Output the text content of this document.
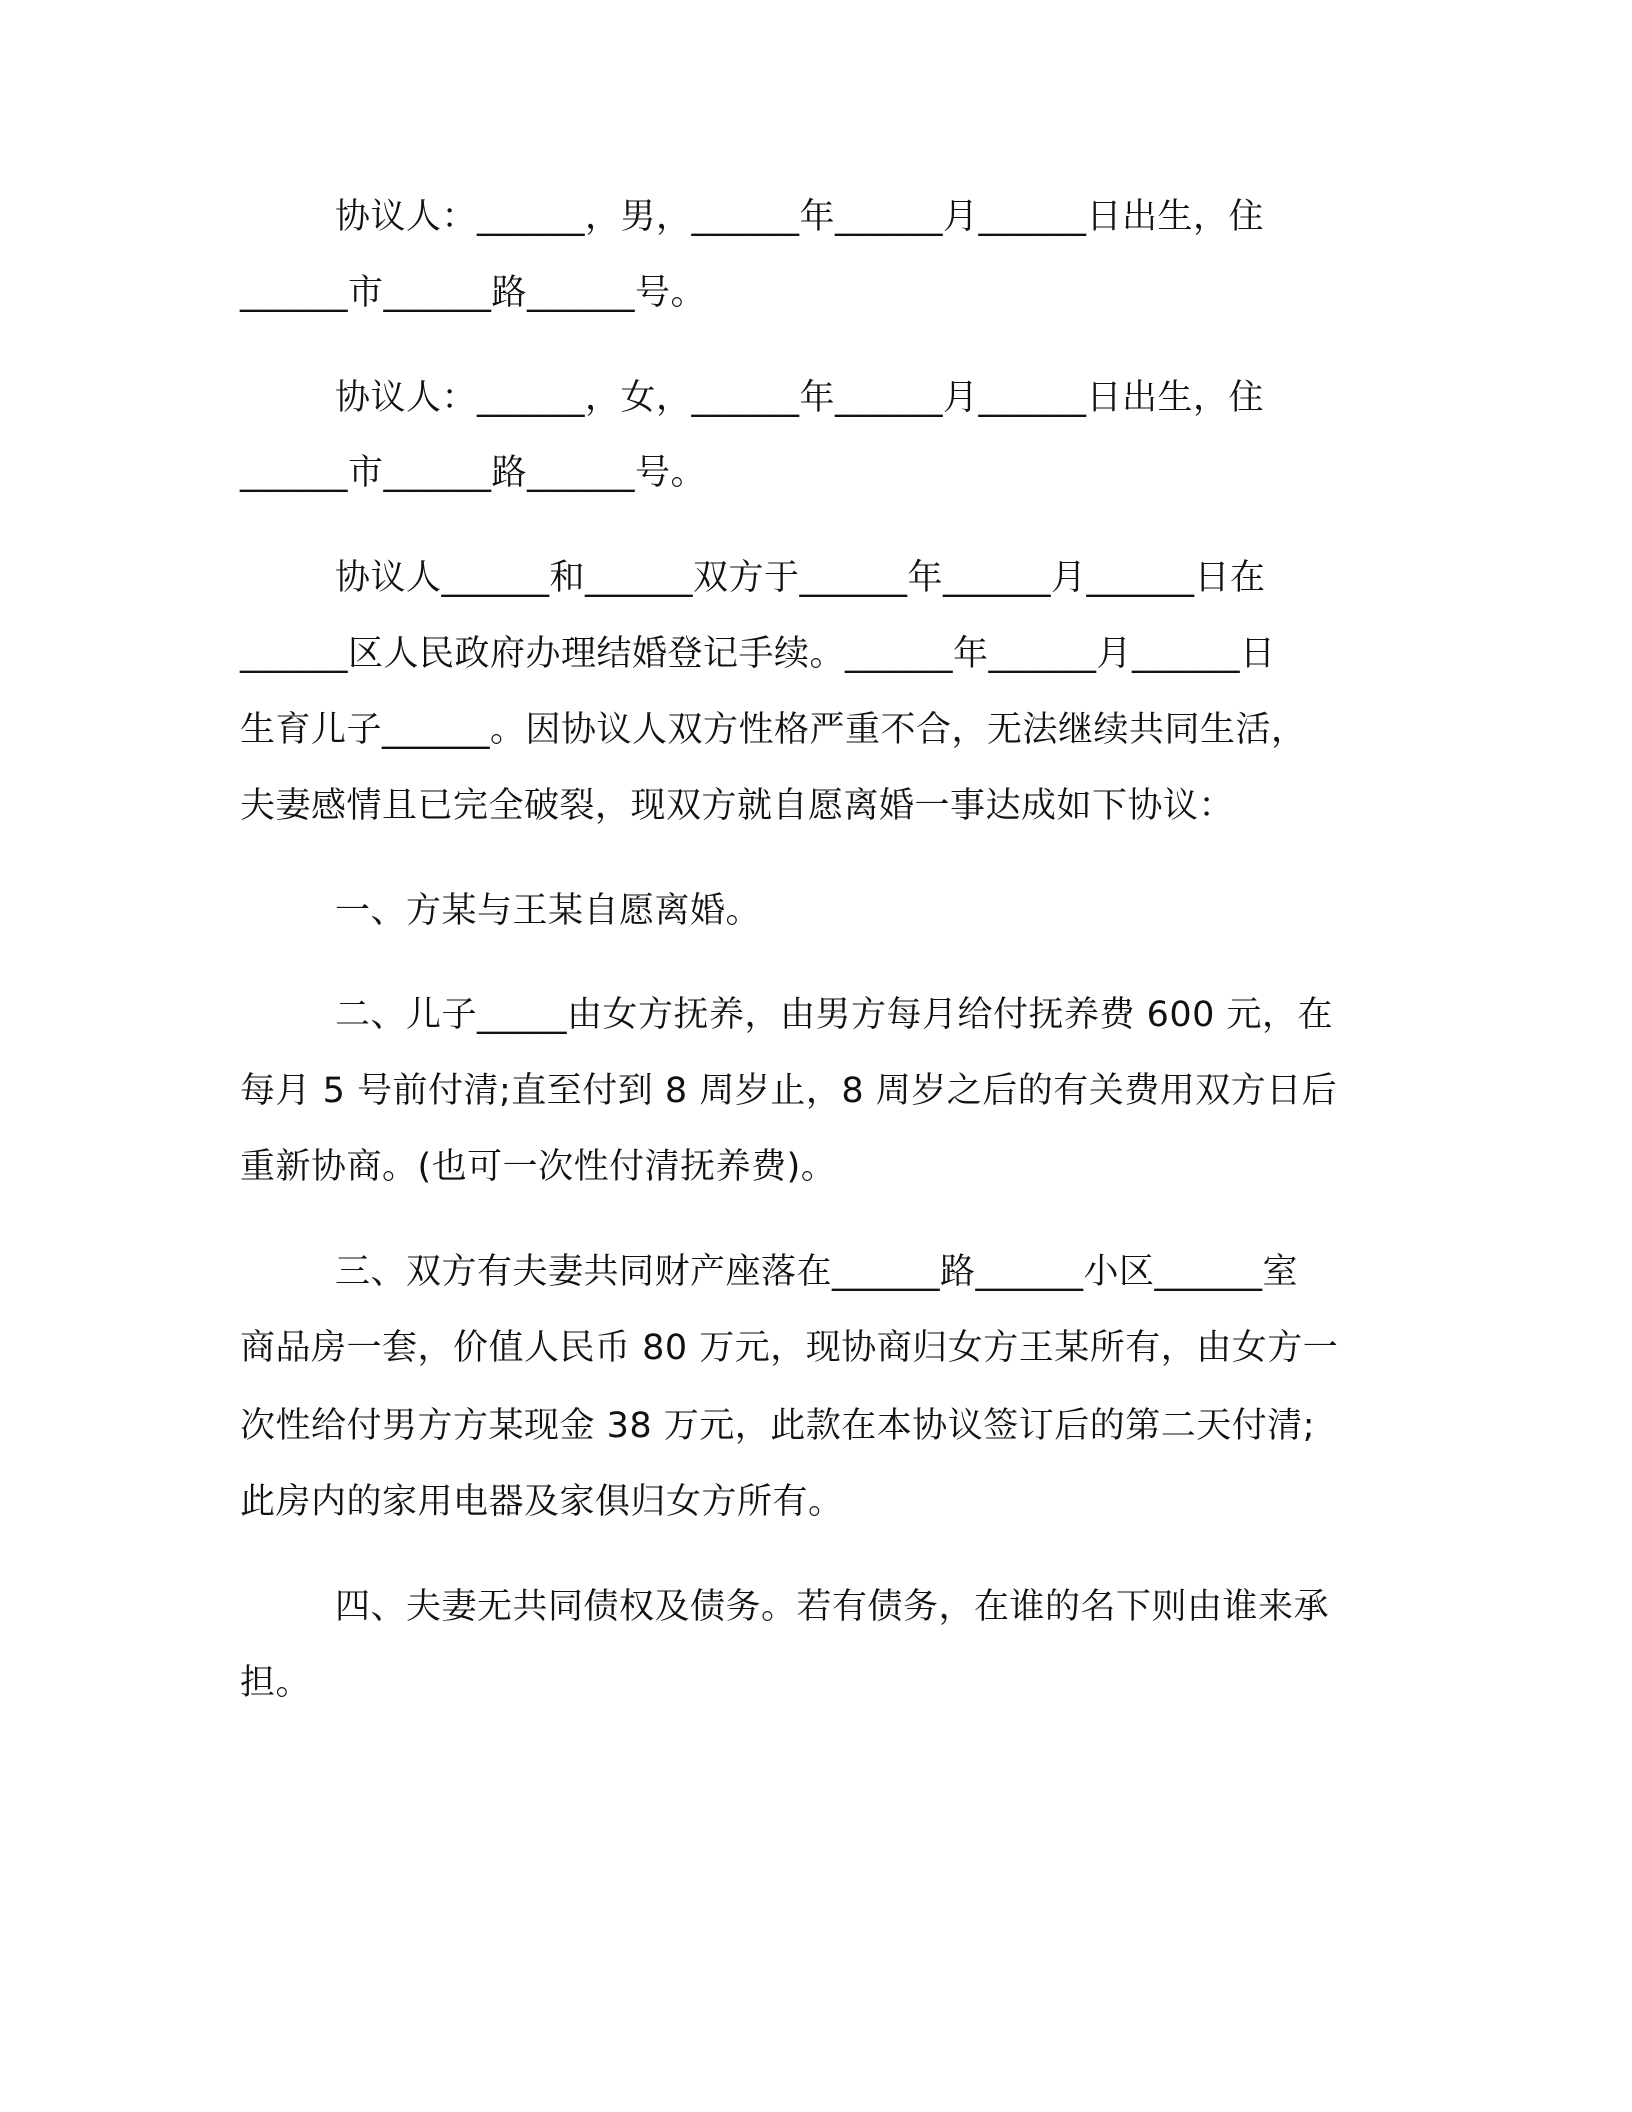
协议人：______，男，______年______月______日出生，住
______市______路______号。
协议人：______，女，______年______月______日出生，住
______市______路______号。
协议人______和______双方于______年______月______日在
______区人民政府办理结婚登记手续。______年______月______日
生育儿子______。因协议人双方性格严重不合，无法继续共同生活，
夫妻感情且已完全破裂，现双方就自愿离婚一事达成如下协议：
一、方某与王某自愿离婚。
二、儿子_____由女方抚养，由男方每月给付抚养费 600 元，在
每月 5 号前付清;直至付到 8 周岁止，8 周岁之后的有关费用双方日后
重新协商。(也可一次性付清抚养费)。
三、双方有夫妻共同财产座落在______路______小区______室
商品房一套，价值人民币 80 万元，现协商归女方王某所有，由女方一
次性给付男方方某现金 38 万元，此款在本协议签订后的第二天付清;
此房内的家用电器及家俱归女方所有。
四、夫妻无共同债权及债务。若有债务，在谁的名下则由谁来承
担。
